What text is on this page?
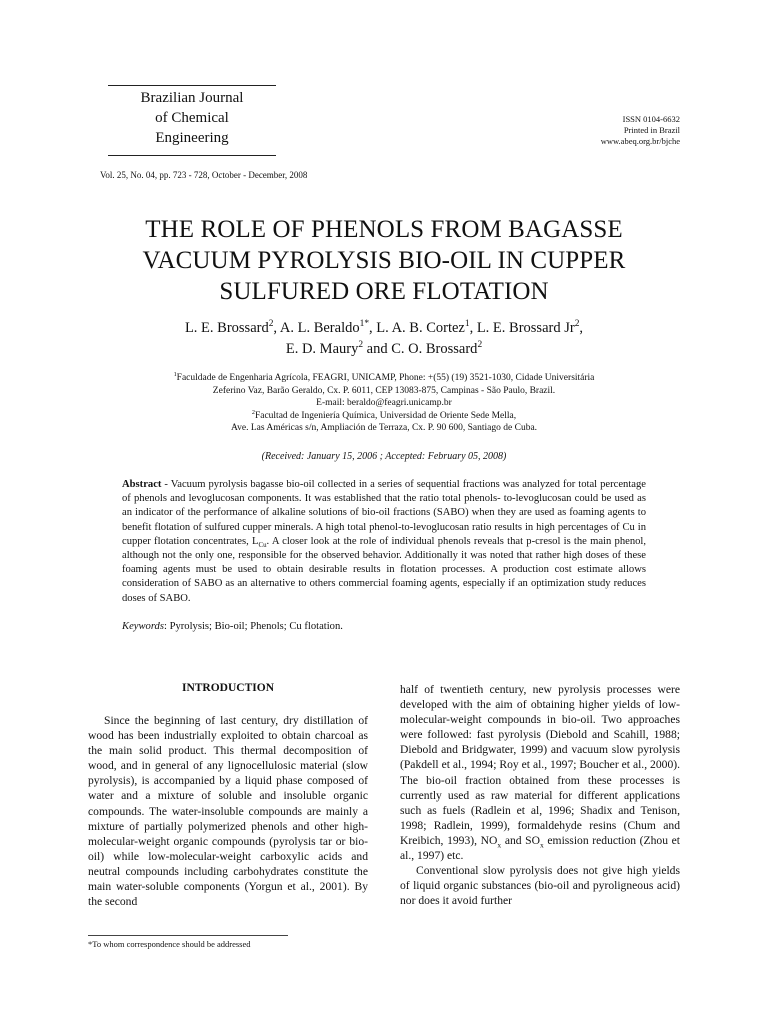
Brazilian Journal
of Chemical
Engineering
ISSN 0104-6632
Printed in Brazil
www.abeq.org.br/bjche
Vol. 25, No. 04, pp. 723 - 728, October - December, 2008
THE ROLE OF PHENOLS FROM BAGASSE
VACUUM PYROLYSIS BIO-OIL IN CUPPER
SULFURED ORE FLOTATION
L. E. Brossard$^2$, A. L. Beraldo$^{1*}$, L. A. B. Cortez$^1$, L. E. Brossard Jr$^2$,
E. D. Maury$^2$ and C. O. Brossard$^2$
$^1$Faculdade de Engenharia Agrícola, FEAGRI, UNICAMP, Phone: +(55) (19) 3521-1030, Cidade Universitária
Zeferino Vaz, Barão Geraldo, Cx. P. 6011, CEP 13083-875, Campinas - São Paulo, Brazil.
E-mail: beraldo@feagri.unicamp.br
$^2$Facultad de Ingeniería Química, Universidad de Oriente Sede Mella,
Ave. Las Américas s/n, Ampliación de Terraza, Cx. P. 90 600, Santiago de Cuba.
(Received: January 15, 2006 ; Accepted: February 05, 2008)
Abstract - Vacuum pyrolysis bagasse bio-oil collected in a series of sequential fractions was analyzed for total percentage of phenols and levoglucosan components. It was established that the ratio total phenols- to-levoglucosan could be used as an indicator of the performance of alkaline solutions of bio-oil fractions (SABO) when they are used as foaming agents to benefit flotation of sulfured cupper minerals. A high total phenol-to-levoglucosan ratio results in high percentages of Cu in cupper flotation concentrates, $L_{Cu}$. A closer look at the role of individual phenols reveals that p-cresol is the main phenol, although not the only one, responsible for the observed behavior. Additionally it was noted that rather high doses of these foaming agents must be used to obtain desirable results in flotation processes. A production cost estimate allows consideration of SABO as an alternative to others commercial foaming agents, especially if an optimization study reduces doses of SABO.
Keywords: Pyrolysis; Bio-oil; Phenols; Cu flotation.
INTRODUCTION
Since the beginning of last century, dry distillation of wood has been industrially exploited to obtain charcoal as the main solid product. This thermal decomposition of wood, and in general of any lignocellulosic material (slow pyrolysis), is accompanied by a liquid phase composed of water and a mixture of soluble and insoluble organic compounds. The water-insoluble compounds are mainly a mixture of partially polymerized phenols and other high-molecular-weight organic compounds (pyrolysis tar or bio-oil) while low-molecular-weight carboxylic acids and neutral compounds including carbohydrates constitute the main water-soluble components (Yorgun et al., 2001). By the second
half of twentieth century, new pyrolysis processes were developed with the aim of obtaining higher yields of low-molecular-weight compounds in bio-oil. Two approaches were followed: fast pyrolysis (Diebold and Scahill, 1988; Diebold and Bridgwater, 1999) and vacuum slow pyrolysis (Pakdell et al., 1994; Roy et al., 1997; Boucher et al., 2000). The bio-oil fraction obtained from these processes is currently used as raw material for different applications such as fuels (Radlein et al, 1996; Shadix and Tenison, 1998; Radlein, 1999), formaldehyde resins (Chum and Kreibich, 1993), $NO_x$ and $SO_x$ emission reduction (Zhou et al., 1997) etc.
Conventional slow pyrolysis does not give high yields of liquid organic substances (bio-oil and pyroligneous acid) nor does it avoid further
*To whom correspondence should be addressed
